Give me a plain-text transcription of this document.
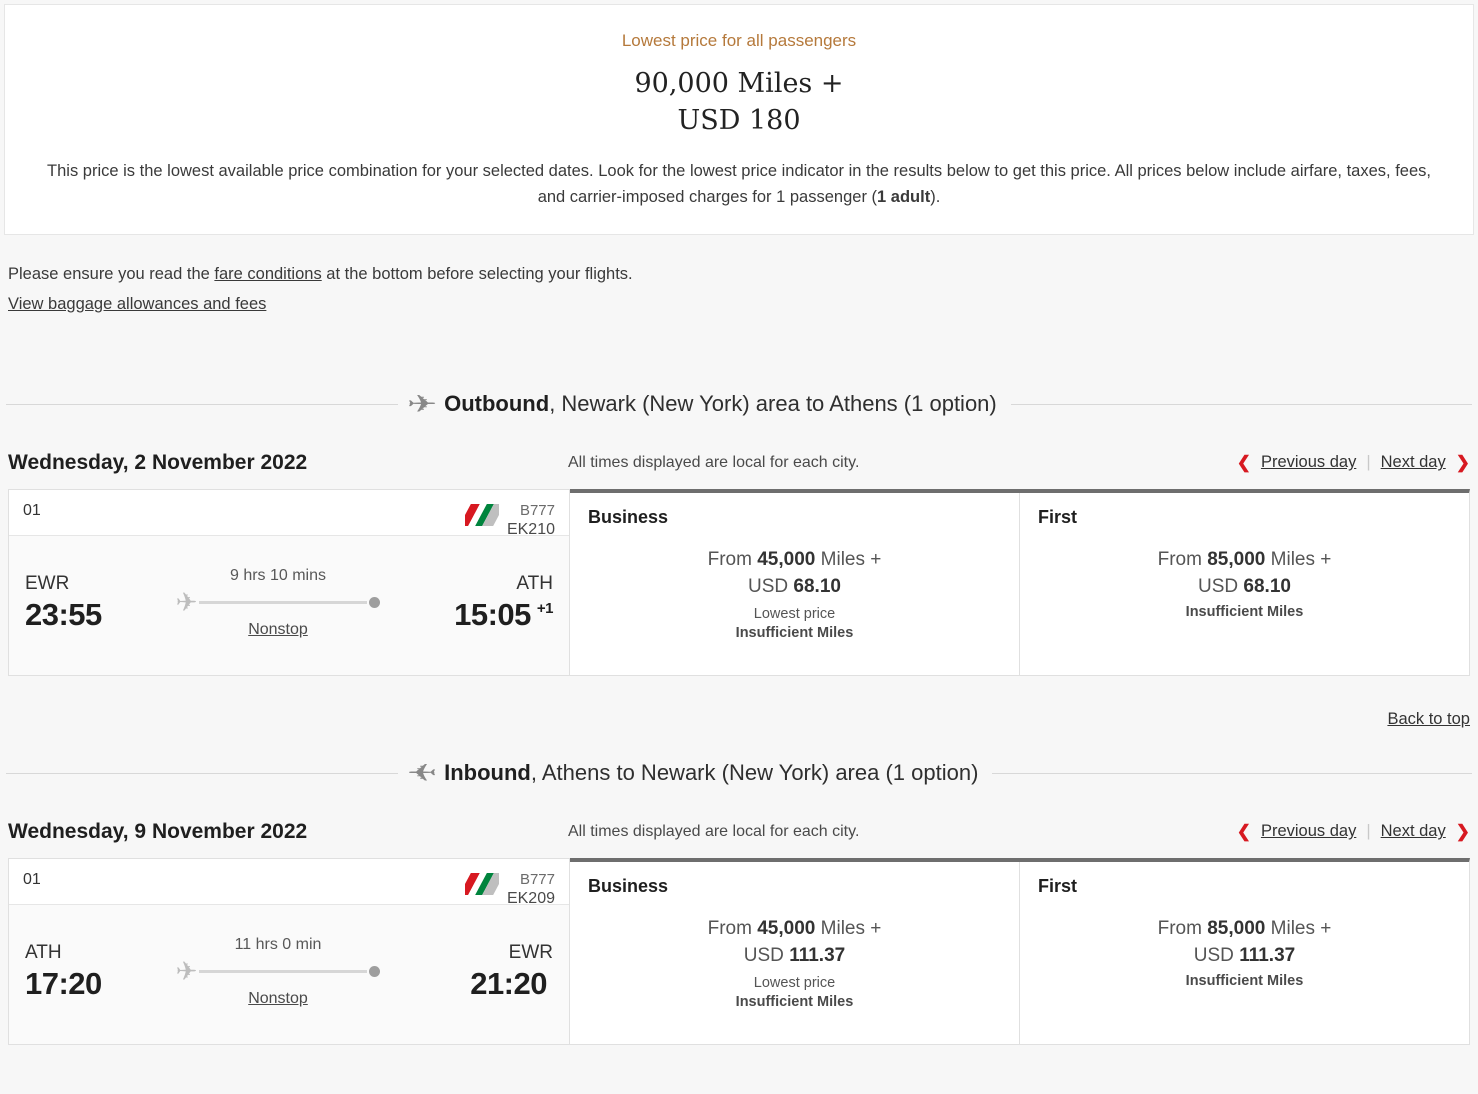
Lowest price for all passengers
90,000 Miles +
USD 180
This price is the lowest available price combination for your selected dates. Look for the lowest price indicator in the results below to get this price. All prices below include airfare, taxes, fees, and carrier-imposed charges for 1 passenger (1 adult).
Please ensure you read the fare conditions at the bottom before selecting your flights.
View baggage allowances and fees
✈ Outbound , Newark (New York) area to Athens (1 option)
Wednesday, 2 November 2022	All times displayed are local for each city.	❮ Previous day | Next day ❯
01	B777
EK210
EWR
23:55
9 hrs 10 mins
✈
Nonstop
ATH
15:05 +1
Business
From 45,000 Miles +
USD 68.10
Lowest price
Insufficient Miles
First
From 85,000 Miles +
USD 68.10
Insufficient Miles
Back to top
✈ Inbound , Athens to Newark (New York) area (1 option)
Wednesday, 9 November 2022	All times displayed are local for each city.	❮ Previous day | Next day ❯
01	B777
EK209
ATH
17:20
11 hrs 0 min
✈
Nonstop
EWR
21:20
Business
From 45,000 Miles +
USD 111.37
Lowest price
Insufficient Miles
First
From 85,000 Miles +
USD 111.37
Insufficient Miles
